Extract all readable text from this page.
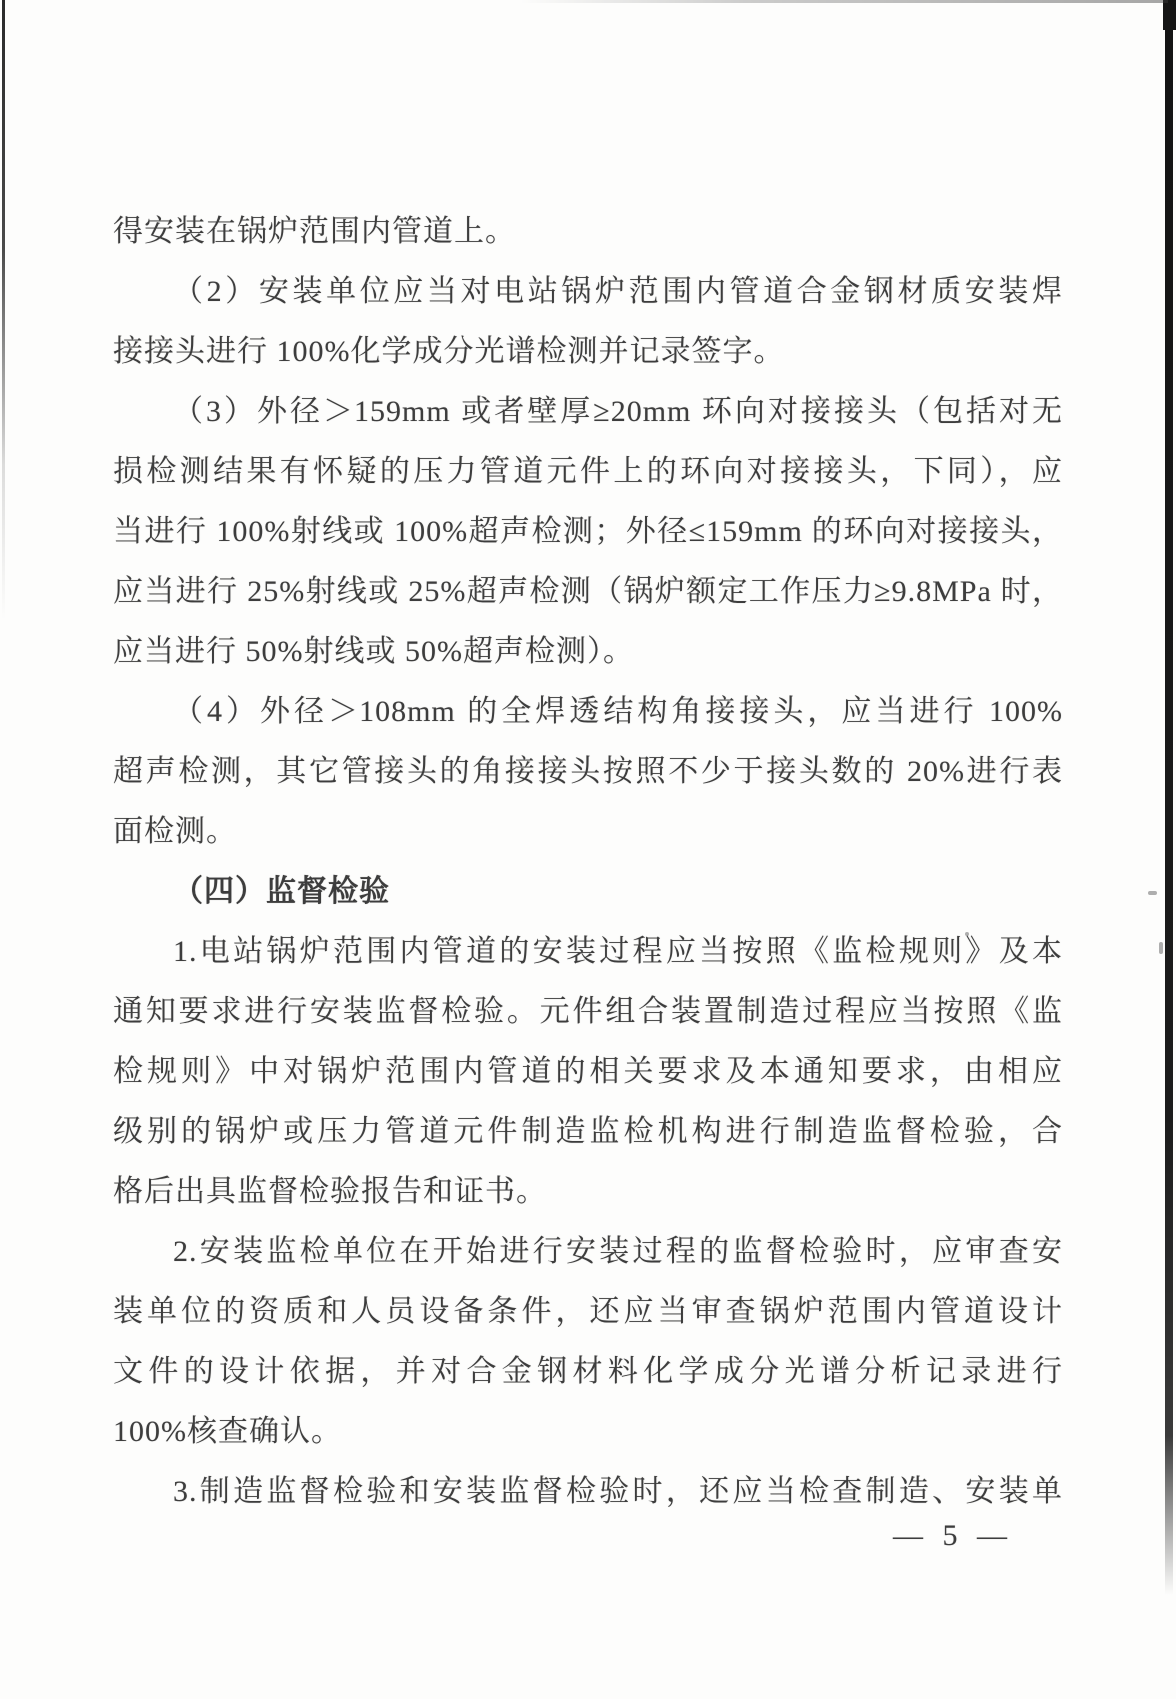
得安装在锅炉范围内管道上。
（2）安装单位应当对电站锅炉范围内管道合金钢材质安装焊
接接头进行 100%化学成分光谱检测并记录签字。
（3）外径＞159mm 或者壁厚≥20mm 环向对接接头（包括对无
损检测结果有怀疑的压力管道元件上的环向对接接头，下同），应
当进行 100%射线或 100%超声检测；外径≤159mm 的环向对接接头，
应当进行 25%射线或 25%超声检测（锅炉额定工作压力≥9.8MPa 时，
应当进行 50%射线或 50%超声检测）。
（4）外径＞108mm 的全焊透结构角接接头，应当进行 100%
超声检测，其它管接头的角接接头按照不少于接头数的 20%进行表
面检测。
（四）监督检验
1.电站锅炉范围内管道的安装过程应当按照《监检规则》及本
通知要求进行安装监督检验。元件组合装置制造过程应当按照《监
检规则》中对锅炉范围内管道的相关要求及本通知要求，由相应
级别的锅炉或压力管道元件制造监检机构进行制造监督检验，合
格后出具监督检验报告和证书。
2.安装监检单位在开始进行安装过程的监督检验时，应审查安
装单位的资质和人员设备条件，还应当审查锅炉范围内管道设计
文件的设计依据，并对合金钢材料化学成分光谱分析记录进行
100%核查确认。
3.制造监督检验和安装监督检验时，还应当检查制造、安装单
— 5 —
